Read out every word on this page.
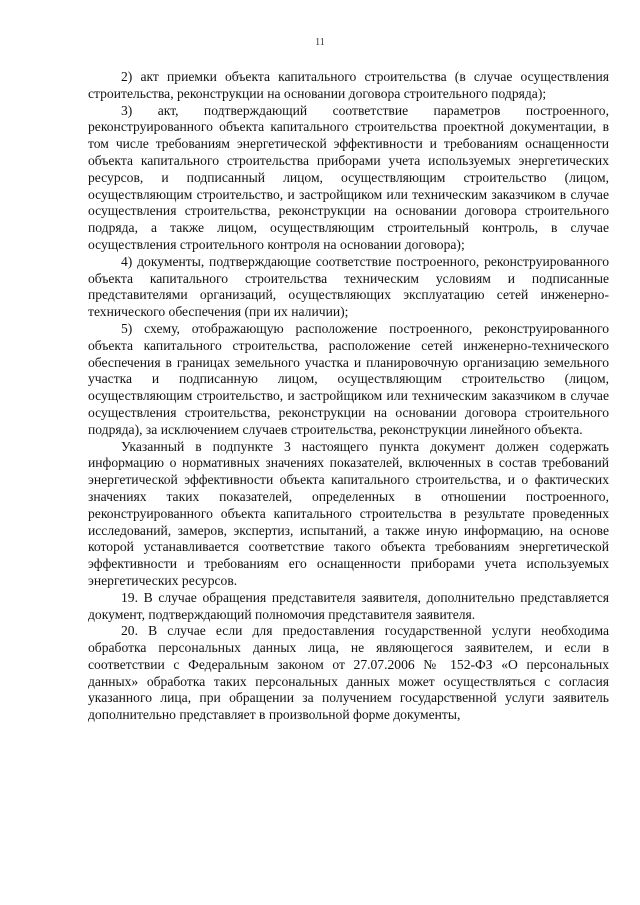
11

2) акт приемки объекта капитального строительства (в случае осуществления строительства, реконструкции на основании договора строительного подряда);

3) акт, подтверждающий соответствие параметров построенного, реконструированного объекта капитального строительства проектной документации, в том числе требованиям энергетической эффективности и требованиям оснащенности объекта капитального строительства приборами учета используемых энергетических ресурсов, и подписанный лицом, осуществляющим строительство (лицом, осуществляющим строительство, и застройщиком или техническим заказчиком в случае осуществления строительства, реконструкции на основании договора строительного подряда, а также лицом, осуществляющим строительный контроль, в случае осуществления строительного контроля на основании договора);

4) документы, подтверждающие соответствие построенного, реконструированного объекта капитального строительства техническим условиям и подписанные представителями организаций, осуществляющих эксплуатацию сетей инженерно-технического обеспечения (при их наличии);

5) схему, отображающую расположение построенного, реконструированного объекта капитального строительства, расположение сетей инженерно-технического обеспечения в границах земельного участка и планировочную организацию земельного участка и подписанную лицом, осуществляющим строительство (лицом, осуществляющим строительство, и застройщиком или техническим заказчиком в случае осуществления строительства, реконструкции на основании договора строительного подряда), за исключением случаев строительства, реконструкции линейного объекта.

Указанный в подпункте 3 настоящего пункта документ должен содержать информацию о нормативных значениях показателей, включенных в состав требований энергетической эффективности объекта капитального строительства, и о фактических значениях таких показателей, определенных в отношении построенного, реконструированного объекта капитального строительства в результате проведенных исследований, замеров, экспертиз, испытаний, а также иную информацию, на основе которой устанавливается соответствие такого объекта требованиям энергетической эффективности и требованиям его оснащенности приборами учета используемых энергетических ресурсов.

19. В случае обращения представителя заявителя, дополнительно представляется документ, подтверждающий полномочия представителя заявителя.

20. В случае если для предоставления государственной услуги необходима обработка персональных данных лица, не являющегося заявителем, и если в соответствии с Федеральным законом от 27.07.2006 № 152-ФЗ «О персональных данных» обработка таких персональных данных может осуществляться с согласия указанного лица, при обращении за получением государственной услуги заявитель дополнительно представляет в произвольной форме документы,
